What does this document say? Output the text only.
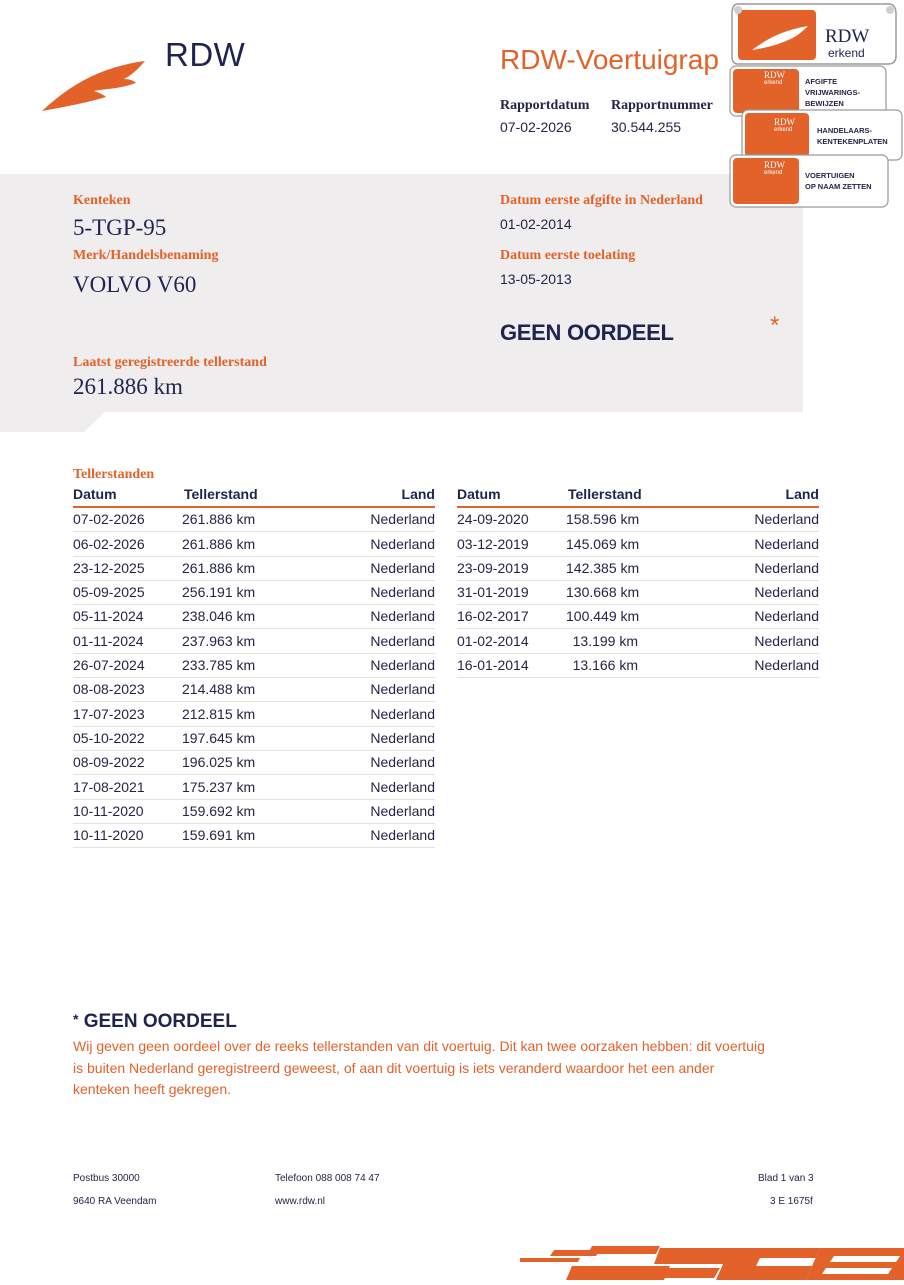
RDW	RDW-Voertuigrap
Rapportdatum
07-02-2026
Rapportnummer
30.544.255
Kenteken
5-TGP-95
Merk/Handelsbenaming
VOLVO V60
Laatst geregistreerde tellerstand
261.886 km
Datum eerste afgifte in Nederland
01-02-2014
Datum eerste toelating
13-05-2013
GEEN OORDEEL	*
RDW
erkend
RDW
erkend	AFGIFTE
VRIJWARINGS-
BEWIJZEN
RDW
erkend	HANDELAARS-
KENTEKENPLATEN
RDW
erkend	VOERTUIGEN
OP NAAM ZETTEN
Tellerstanden
Datum	Tellerstand	Land
07-02-2026	261.886 km	Nederland
06-02-2026	261.886 km	Nederland
23-12-2025	261.886 km	Nederland
05-09-2025	256.191 km	Nederland
05-11-2024	238.046 km	Nederland
01-11-2024	237.963 km	Nederland
26-07-2024	233.785 km	Nederland
08-08-2023	214.488 km	Nederland
17-07-2023	212.815 km	Nederland
05-10-2022	197.645 km	Nederland
08-09-2022	196.025 km	Nederland
17-08-2021	175.237 km	Nederland
10-11-2020	159.692 km	Nederland
10-11-2020	159.691 km	Nederland
Datum	Tellerstand	Land
24-09-2020	158.596 km	Nederland
03-12-2019	145.069 km	Nederland
23-09-2019	142.385 km	Nederland
31-01-2019	130.668 km	Nederland
16-02-2017	100.449 km	Nederland
01-02-2014	13.199 km	Nederland
16-01-2014	13.166 km	Nederland
* GEEN OORDEEL
Wij geven geen oordeel over de reeks tellerstanden van dit voertuig. Dit kan twee oorzaken hebben: dit voertuig is buiten Nederland geregistreerd geweest, of aan dit voertuig is iets veranderd waardoor het een ander kenteken heeft gekregen.
Postbus 30000
9640 RA Veendam
Telefoon 088 008 74 47
www.rdw.nl
Blad 1 van 3
3 E 1675f
